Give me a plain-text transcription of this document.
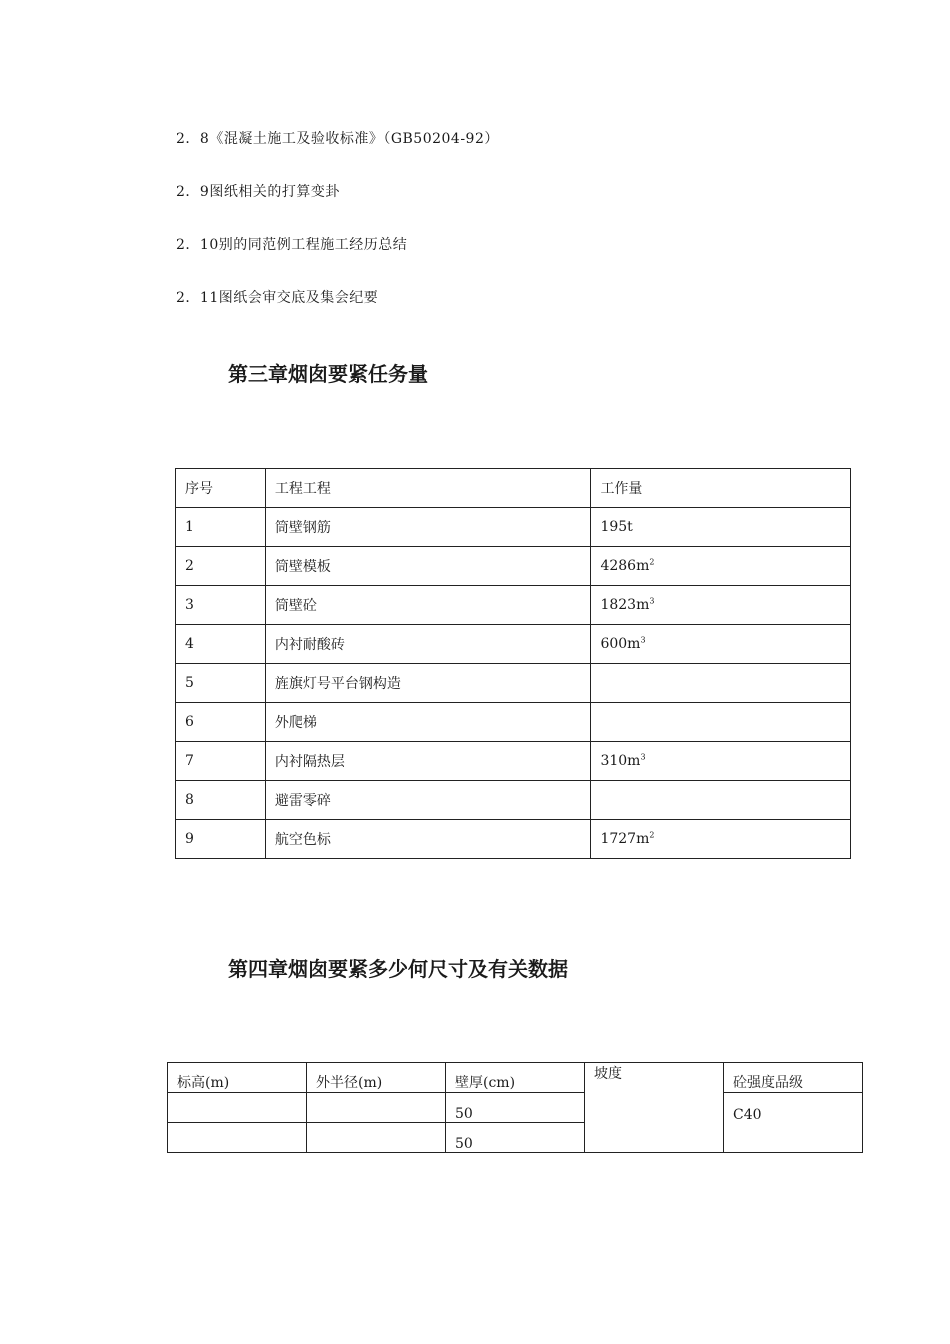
2．8《混凝土施工及验收标准》（GB50204-92）
2．9图纸相关的打算变卦
2．10别的同范例工程施工经历总结
2．11图纸会审交底及集会纪要
第三章烟囱要紧任务量
序号	工程工程	工作量
1	筒壁钢筋	195t
2	筒壁模板	$4286m^2$
3	筒壁砼	$1823m^3$
4	内衬耐酸砖	$600m^3$
5	旌旗灯号平台钢构造	
6	外爬梯	
7	内衬隔热层	$310m^3$
8	避雷零碎	
9	航空色标	$1727m^2$
第四章烟囱要紧多少何尺寸及有关数据
标高(m)	外半径(m)	壁厚(cm)	坡度	砼强度品级
		50		C40
		50		
